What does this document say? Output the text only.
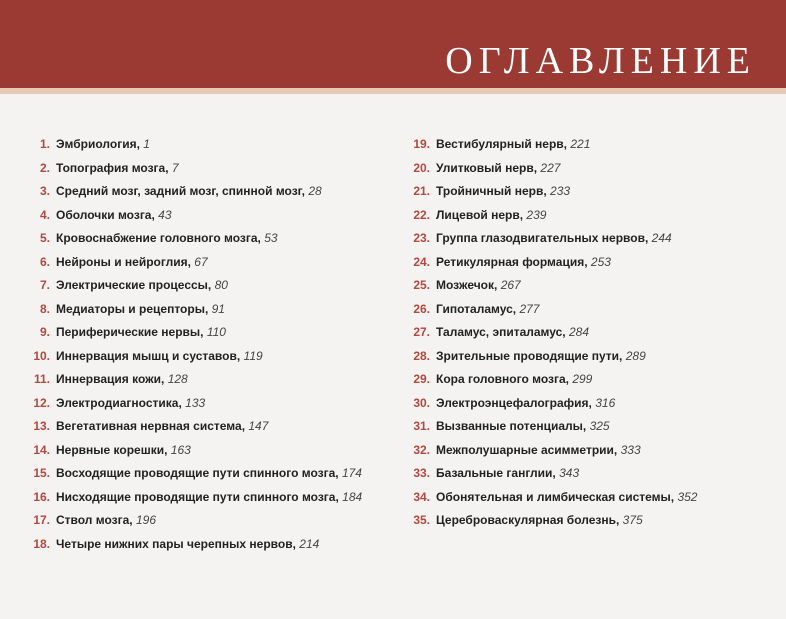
ОГЛАВЛЕНИЕ
1. Эмбриология, 1
2. Топография мозга, 7
3. Средний мозг, задний мозг, спинной мозг, 28
4. Оболочки мозга, 43
5. Кровоснабжение головного мозга, 53
6. Нейроны и нейроглия, 67
7. Электрические процессы, 80
8. Медиаторы и рецепторы, 91
9. Периферические нервы, 110
10. Иннервация мышц и суставов, 119
11. Иннервация кожи, 128
12. Электродиагностика, 133
13. Вегетативная нервная система, 147
14. Нервные корешки, 163
15. Восходящие проводящие пути спинного мозга, 174
16. Нисходящие проводящие пути спинного мозга, 184
17. Ствол мозга, 196
18. Четыре нижних пары черепных нервов, 214
19. Вестибулярный нерв, 221
20. Улитковый нерв, 227
21. Тройничный нерв, 233
22. Лицевой нерв, 239
23. Группа глазодвигательных нервов, 244
24. Ретикулярная формация, 253
25. Мозжечок, 267
26. Гипоталамус, 277
27. Таламус, эпиталамус, 284
28. Зрительные проводящие пути, 289
29. Кора головного мозга, 299
30. Электроэнцефалография, 316
31. Вызванные потенциалы, 325
32. Межполушарные асимметрии, 333
33. Базальные ганглии, 343
34. Обонятельная и лимбическая системы, 352
35. Цереброваскулярная болезнь, 375
